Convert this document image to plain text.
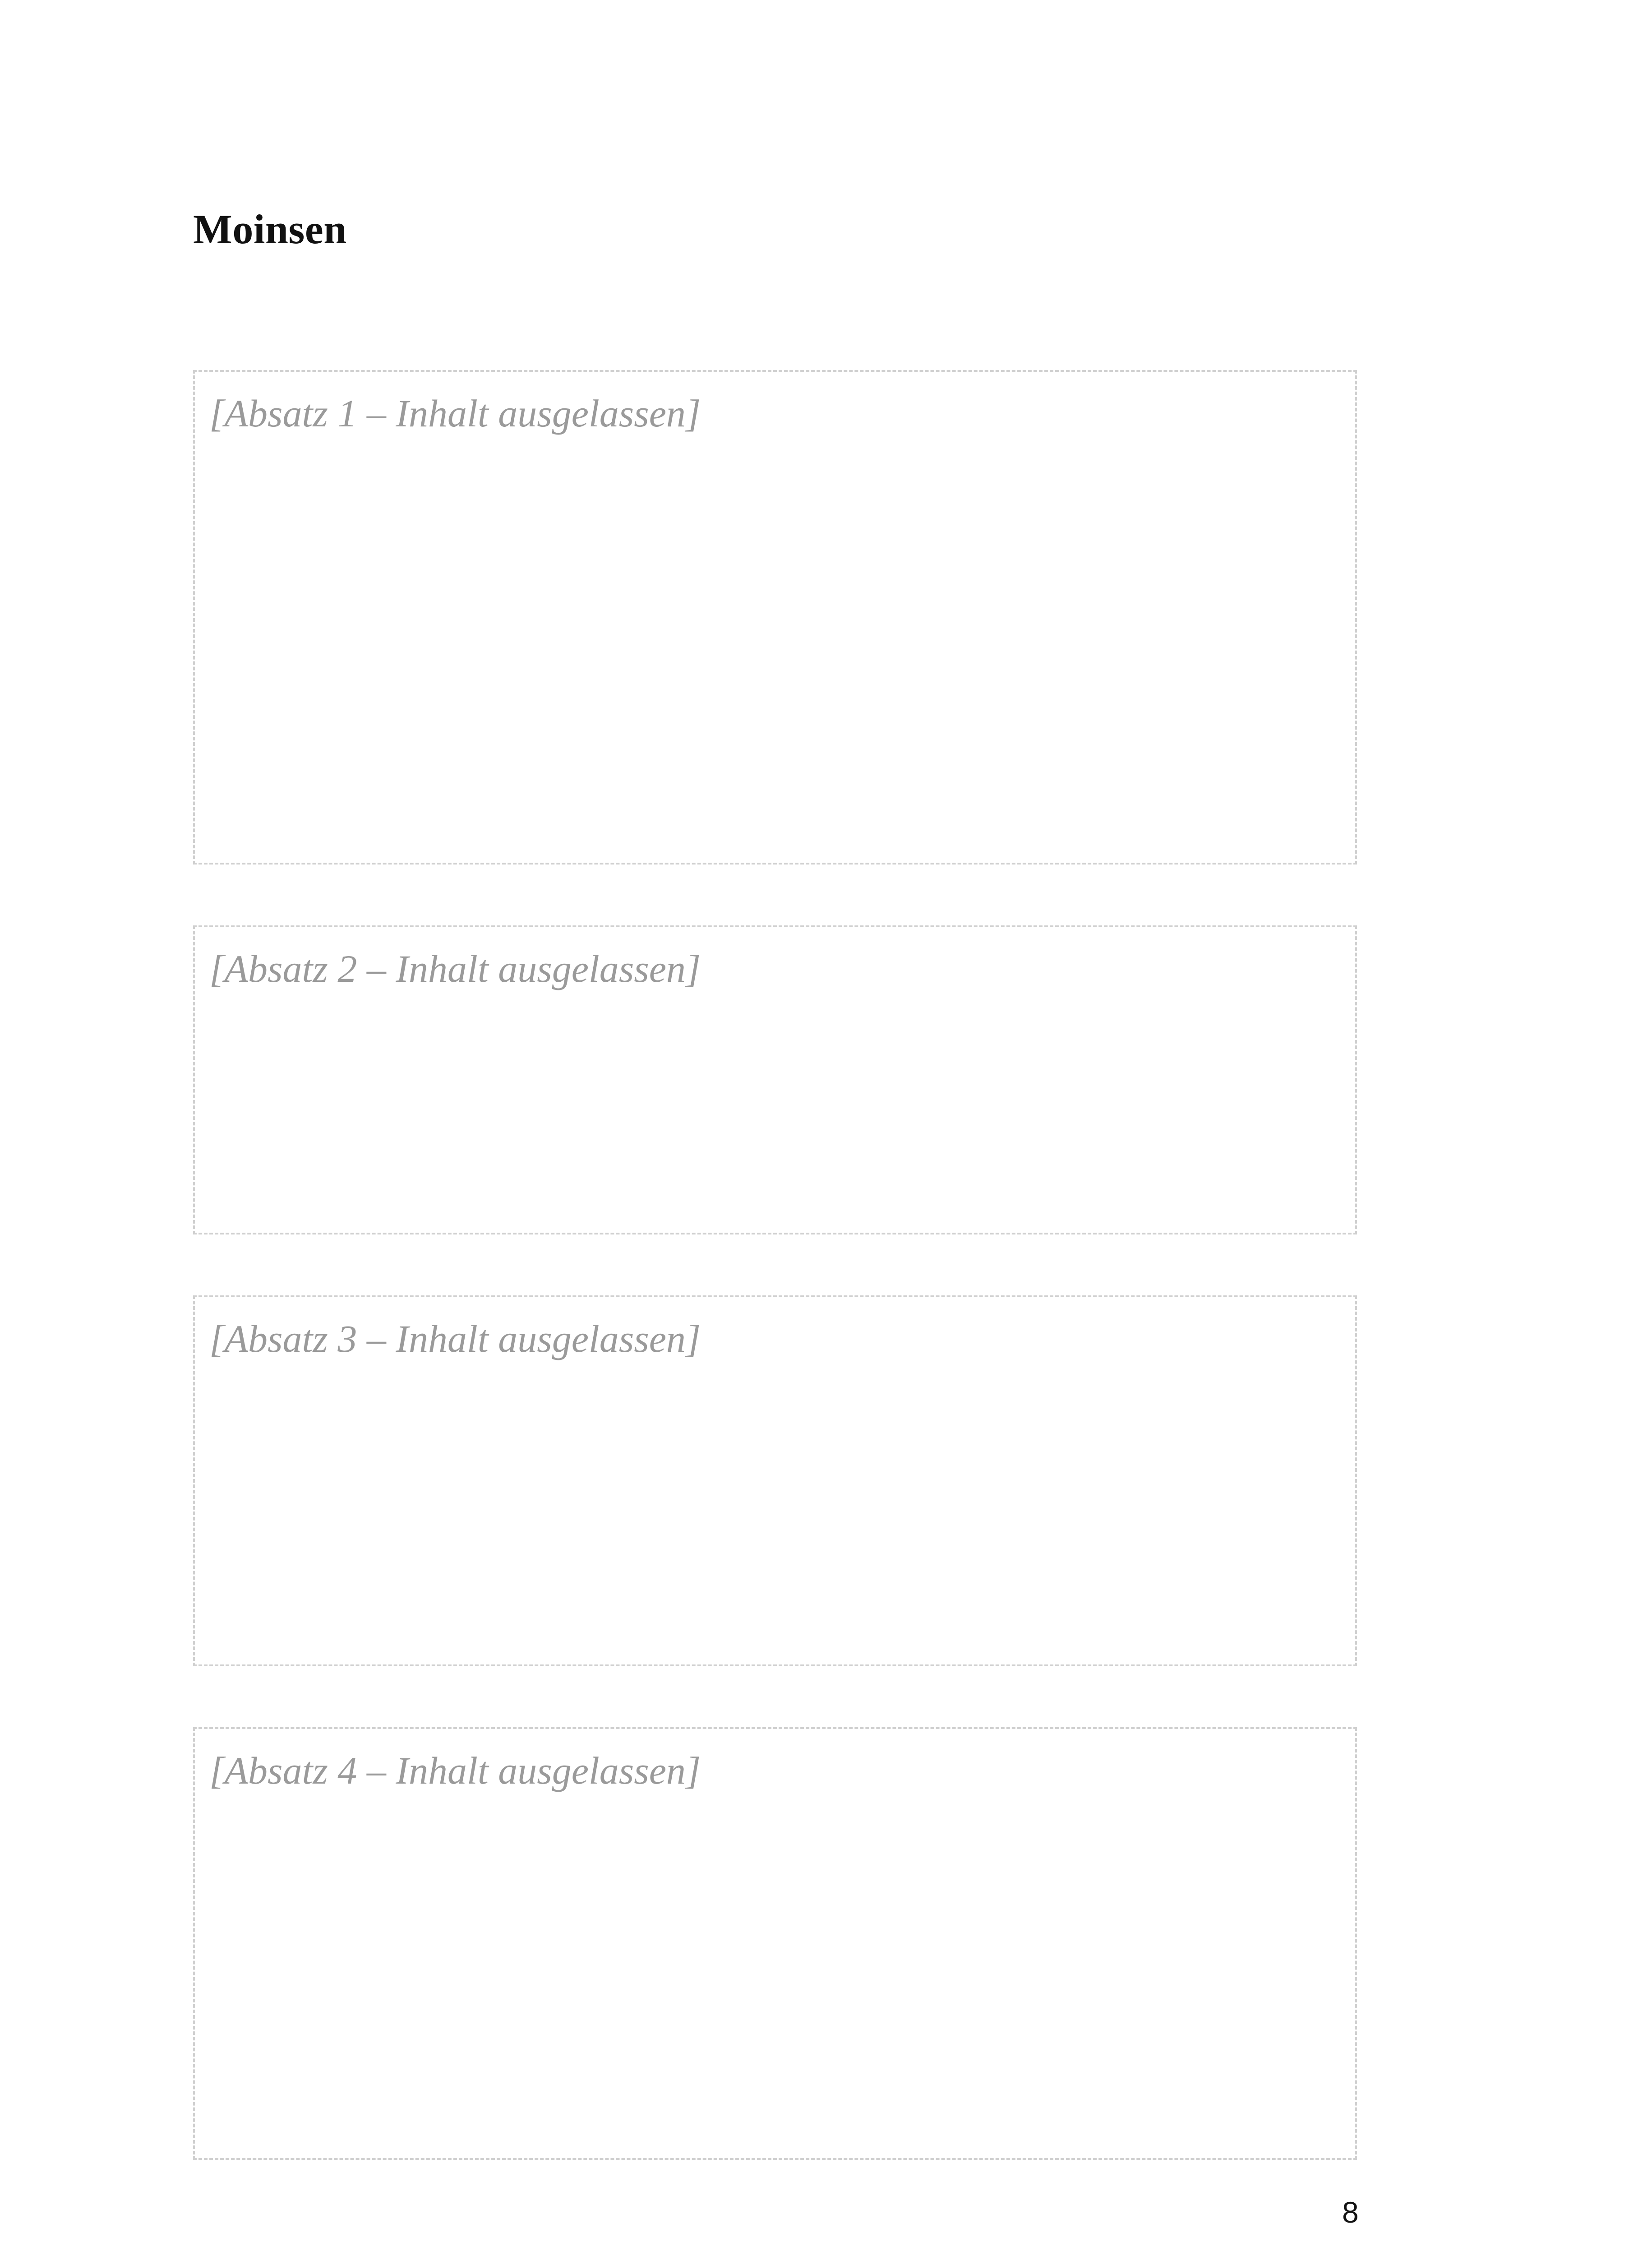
Moinsen

[Absatz 1 – Inhalt ausgelassen]

[Absatz 2 – Inhalt ausgelassen]

[Absatz 3 – Inhalt ausgelassen]

[Absatz 4 – Inhalt ausgelassen]

8
